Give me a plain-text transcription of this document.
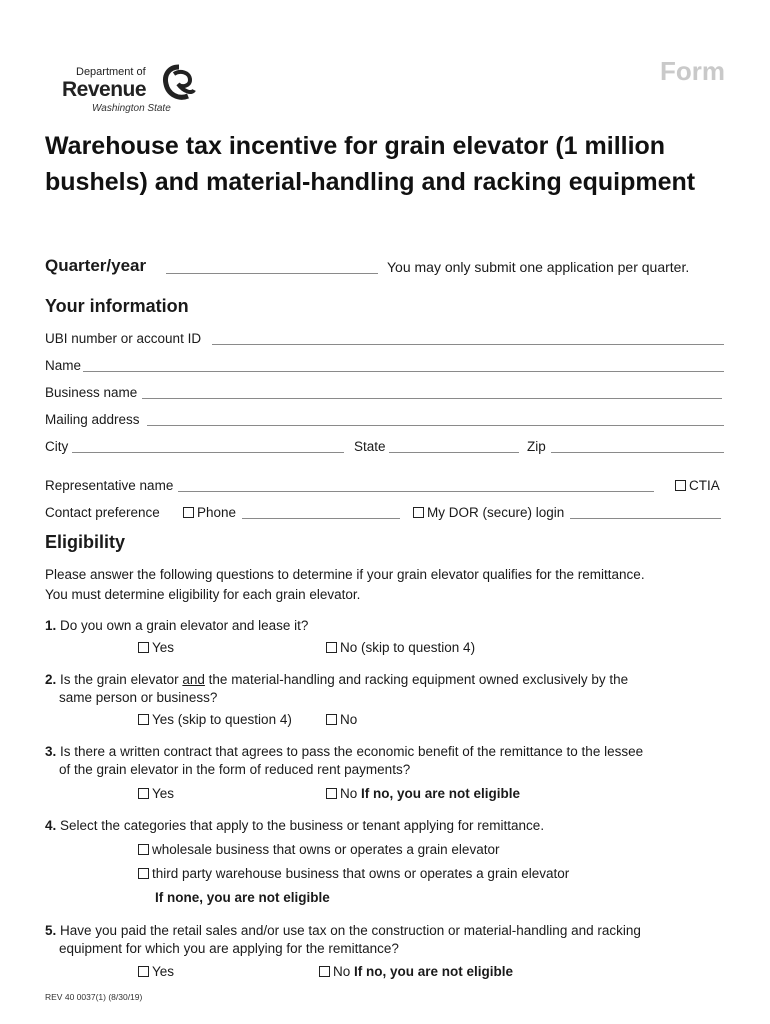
Form
Department of
Revenue
Washington State
Warehouse tax incentive for grain elevator (1 million bushels) and material-handling and racking equipment
Quarter/year	You may only submit one application per quarter.
Your information
UBI number or account ID
Name
Business name
Mailing address
City	State	Zip
Representative name	CTIA
Contact preference	Phone	My DOR (secure) login
Eligibility
Please answer the following questions to determine if your grain elevator qualifies for the remittance.
You must determine eligibility for each grain elevator.
1. Do you own a grain elevator and lease it?
Yes	No (skip to question 4)
2. Is the grain elevator and the material-handling and racking equipment owned exclusively by the
same person or business?
Yes (skip to question 4)	No
3. Is there a written contract that agrees to pass the economic benefit of the remittance to the lessee
of the grain elevator in the form of reduced rent payments?
Yes	No If no, you are not eligible
4. Select the categories that apply to the business or tenant applying for remittance.
wholesale business that owns or operates a grain elevator
third party warehouse business that owns or operates a grain elevator
If none, you are not eligible
5. Have you paid the retail sales and/or use tax on the construction or material-handling and racking
equipment for which you are applying for the remittance?
Yes	No If no, you are not eligible
REV 40 0037(1) (8/30/19)
